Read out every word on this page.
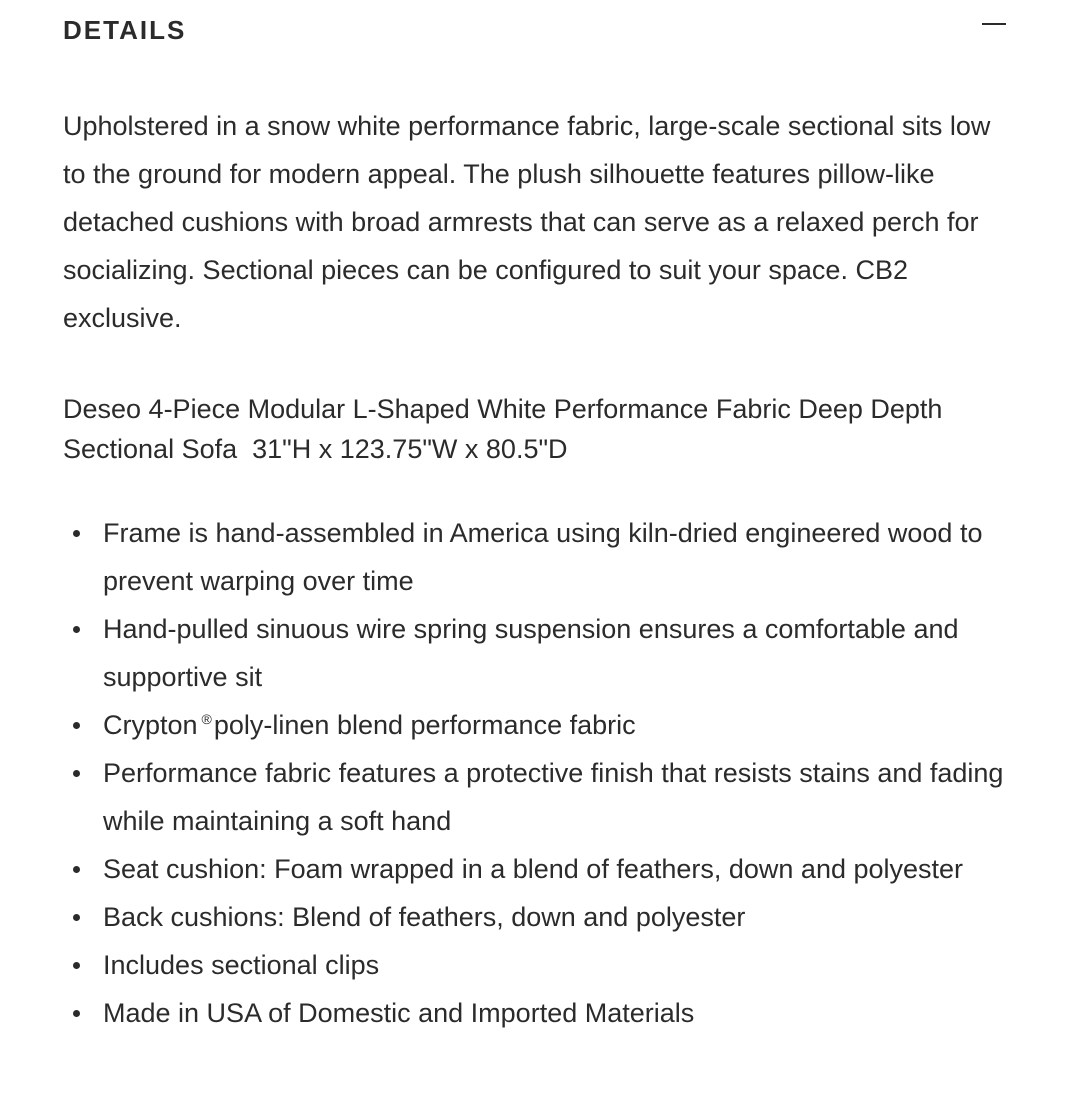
DETAILS

Upholstered in a snow white performance fabric, large-scale sectional sits low to the ground for modern appeal. The plush silhouette features pillow-like detached cushions with broad armrests that can serve as a relaxed perch for socializing. Sectional pieces can be configured to suit your space. CB2 exclusive.

Deseo 4-Piece Modular L-Shaped White Performance Fabric Deep Depth Sectional Sofa 31"H x 123.75"W x 80.5"D

Frame is hand-assembled in America using kiln-dried engineered wood to prevent warping over time
Hand-pulled sinuous wire spring suspension ensures a comfortable and supportive sit
Crypton ®poly-linen blend performance fabric
Performance fabric features a protective finish that resists stains and fading while maintaining a soft hand
Seat cushion: Foam wrapped in a blend of feathers, down and polyester
Back cushions: Blend of feathers, down and polyester
Includes sectional clips
Made in USA of Domestic and Imported Materials
